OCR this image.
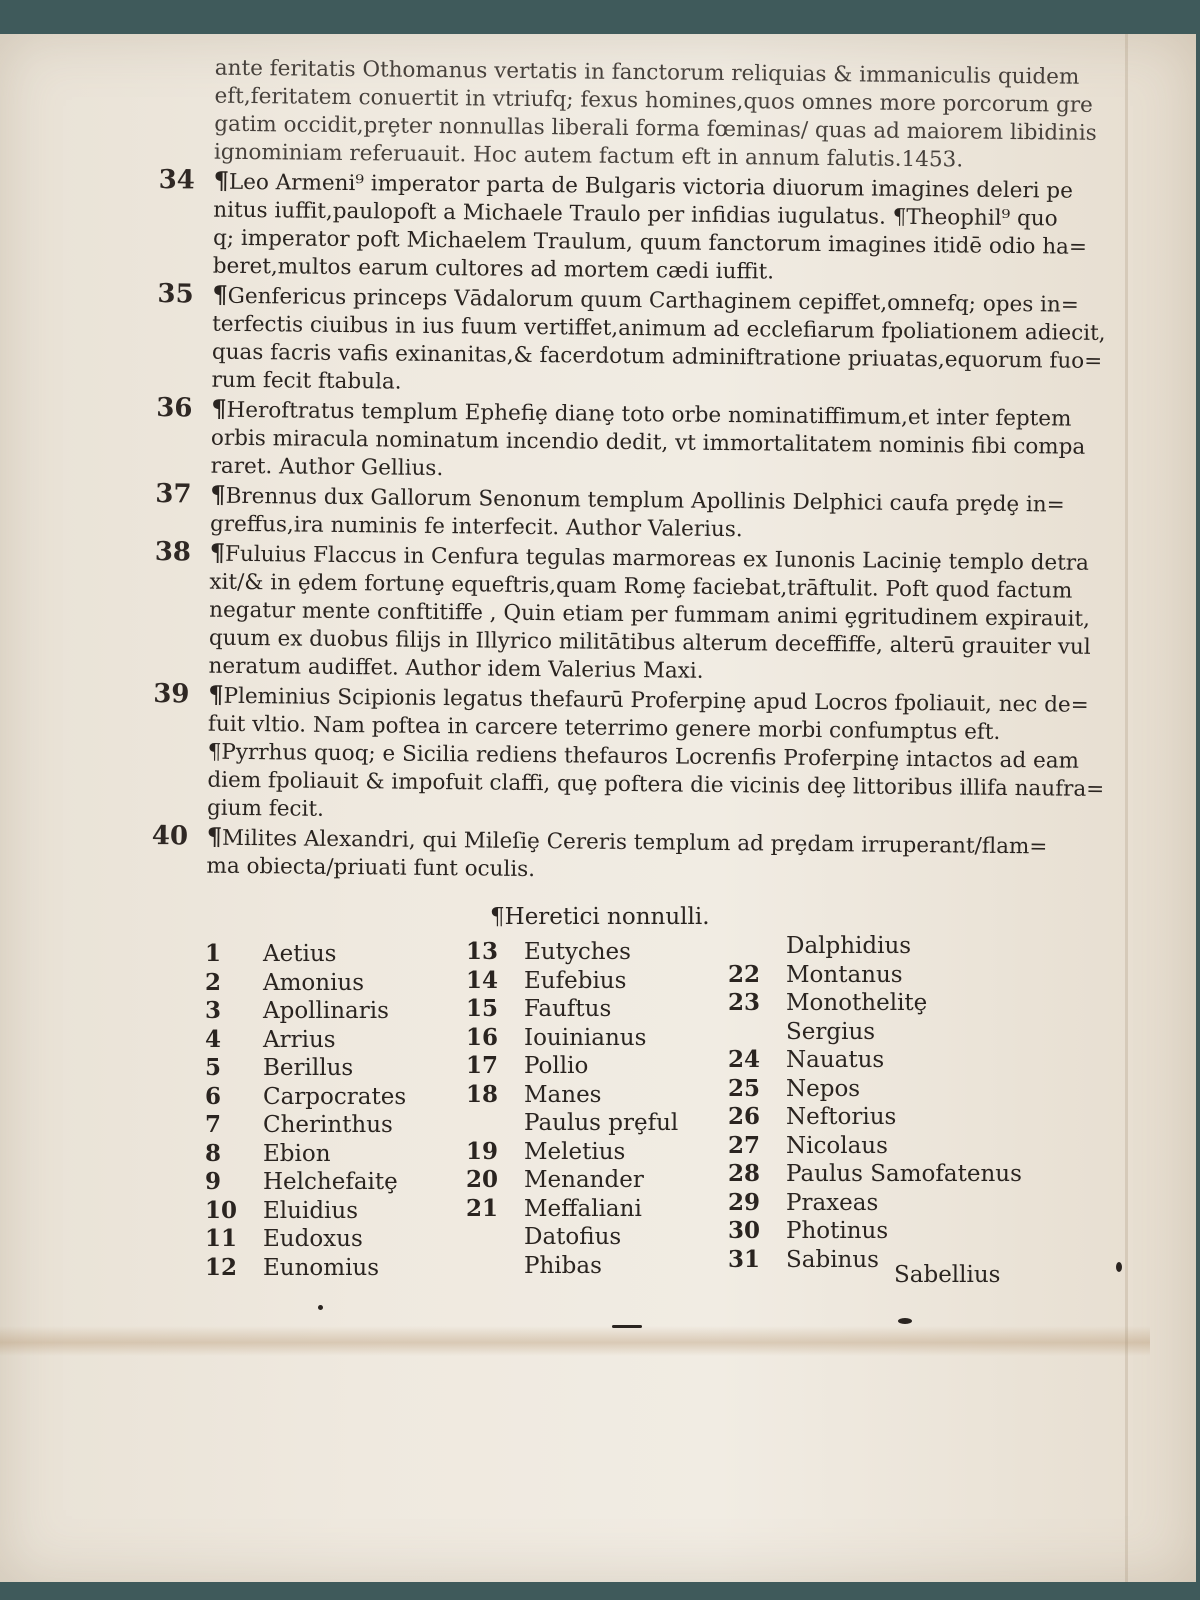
ante feritatis Othomanus vertatis in fanctorum reliquias & immaniculis quidem
eft,feritatem conuertit in vtriufq; fexus homines,quos omnes more porcorum gre
gatim occidit,prȩter nonnullas liberali forma fœminas/ quas ad maiorem libidinis
ignominiam referuauit. Hoc autem factum eft in annum falutis.1453.
34 ¶Leo Armeni⁹ imperator parta de Bulgaris victoria diuorum imagines deleri pe
nitus iuffit,paulopoft a Michaele Traulo per infidias iugulatus. ¶Theophil⁹ quo
q; imperator poft Michaelem Traulum, quum fanctorum imagines itidē odio ha=
beret,multos earum cultores ad mortem cædi iuffit.
35 ¶Genfericus princeps Vādalorum quum Carthaginem cepiffet,omnefq; opes in=
terfectis ciuibus in ius fuum vertiffet,animum ad ecclefiarum fpoliationem adiecit,
quas facris vafis exinanitas,& facerdotum adminiftratione priuatas,equorum fuo=
rum fecit ftabula.
36 ¶Heroftratus templum Ephefiȩ dianȩ toto orbe nominatiffimum,et inter feptem
orbis miracula nominatum incendio dedit, vt immortalitatem nominis fibi compa
raret. Author Gellius.
37 ¶Brennus dux Gallorum Senonum templum Apollinis Delphici caufa prȩdȩ in=
greffus,ira numinis fe interfecit. Author Valerius.
38 ¶Fuluius Flaccus in Cenfura tegulas marmoreas ex Iunonis Laciniȩ templo detra
xit/& in ȩdem fortunȩ equeftris,quam Romȩ faciebat,trāftulit. Poft quod factum
negatur mente conftitiffe , Quin etiam per fummam animi ȩgritudinem expirauit,
quum ex duobus filijs in Illyrico militātibus alterum deceffiffe, alterū grauiter vul
neratum audiffet. Author idem Valerius Maxi.
39 ¶Pleminius Scipionis legatus thefaurū Proferpinȩ apud Locros fpoliauit, nec de=
fuit vltio. Nam poftea in carcere teterrimo genere morbi confumptus eft.
¶Pyrrhus quoq; e Sicilia rediens thefauros Locrenfis Proferpinȩ intactos ad eam
diem fpoliauit & impofuit claffi, quȩ poftera die vicinis deȩ littoribus illifa naufra=
gium fecit.
40 ¶Milites Alexandri, qui Mileſiȩ Cereris templum ad prȩdam irruperant/flam=
ma obiecta/priuati funt oculis.
¶Heretici nonnulli.
1 Aetius
2 Amonius
3 Apollinaris
4 Arrius
5 Berillus
6 Carpocrates
7 Cherinthus
8 Ebion
9 Helchefaitȩ
10 Eluidius
11 Eudoxus
12 Eunomius
13 Eutyches
14 Eufebius
15 Fauftus
16 Iouinianus
17 Pollio
18 Manes
Paulus prȩful
19 Meletius
20 Menander
21 Meffaliani
Datofius
Phibas
Dalphidius
22 Montanus
23 Monothelitȩ
Sergius
24 Nauatus
25 Nepos
26 Neftorius
27 Nicolaus
28 Paulus Samofatenus
29 Praxeas
30 Photinus
31 Sabinus
Sabellius
